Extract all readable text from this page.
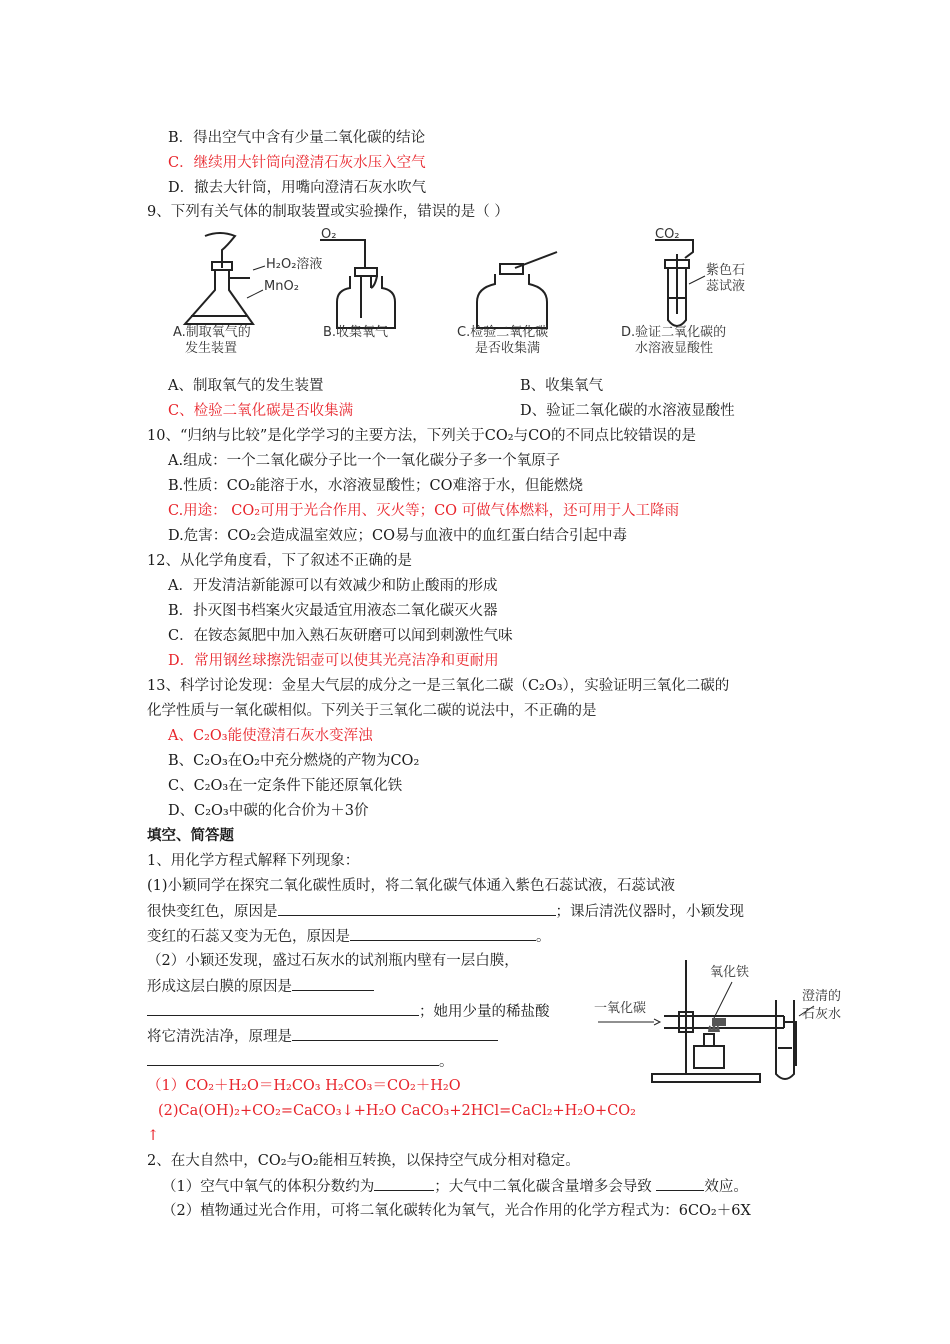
B．得出空气中含有少量二氧化碳的结论
C．继续用大针筒向澄清石灰水压入空气
D．撤去大针筒，用嘴向澄清石灰水吹气
9、下列有关气体的制取装置或实验操作，错误的是（ ）
H₂O₂溶液
MnO₂
A.制取氧气的
发生装置
O₂
B.收集氧气	C.检验二氧化碳
是否收集满
CO₂
紫色石
蕊试液
D.验证二氧化碳的
水溶液显酸性
A、制取氧气的发生装置	B、收集氧气
C、检验二氧化碳是否收集满	D、验证二氧化碳的水溶液显酸性
10、“归纳与比较”是化学学习的主要方法，下列关于CO₂与CO的不同点比较错误的是
A.组成：一个二氧化碳分子比一个一氧化碳分子多一个氧原子
B.性质：CO₂能溶于水，水溶液显酸性；CO难溶于水，但能燃烧
C.用途： CO₂可用于光合作用、灭火等；CO 可做气体燃料，还可用于人工降雨
D.危害：CO₂会造成温室效应；CO易与血液中的血红蛋白结合引起中毒
12、从化学角度看，下了叙述不正确的是
A．开发清洁新能源可以有效减少和防止酸雨的形成
B．扑灭图书档案火灾最适宜用液态二氧化碳灭火器
C．在铵态氮肥中加入熟石灰研磨可以闻到刺激性气味
D．常用钢丝球擦洗铝壶可以使其光亮洁净和更耐用
13、科学讨论发现：金星大气层的成分之一是三氧化二碳（C₂O₃），实验证明三氧化二碳的
化学性质与一氧化碳相似。下列关于三氧化二碳的说法中，不正确的是
A、C₂O₃能使澄清石灰水变浑浊
B、C₂O₃在O₂中充分燃烧的产物为CO₂
C、C₂O₃在一定条件下能还原氧化铁
D、C₂O₃中碳的化合价为＋3价
填空、简答题
1、用化学方程式解释下列现象：
(1)小颖同学在探究二氧化碳性质时，将二氧化碳气体通入紫色石蕊试液，石蕊试液
很快变红色，原因是	；课后清洗仪器时，小颖发现
变红的石蕊又变为无色，原因是	。
（2）小颖还发现，盛过石灰水的试剂瓶内壁有一层白膜，
形成这层白膜的原因是
；她用少量的稀盐酸
将它清洗洁净，原理是
。
一氧化碳
氧化铁
澄清的
石灰水
（1）CO₂＋H₂O＝H₂CO₃ H₂CO₃＝CO₂＋H₂O
(2)Ca(OH)₂+CO₂=CaCO₃↓+H₂O CaCO₃+2HCl=CaCl₂+H₂O+CO₂
↑
2、在大自然中，CO₂与O₂能相互转换，以保持空气成分相对稳定。
（1）空气中氧气的体积分数约为	；大气中二氧化碳含量增多会导致	效应。
（2）植物通过光合作用，可将二氧化碳转化为氧气，光合作用的化学方程式为：6CO₂＋6X
